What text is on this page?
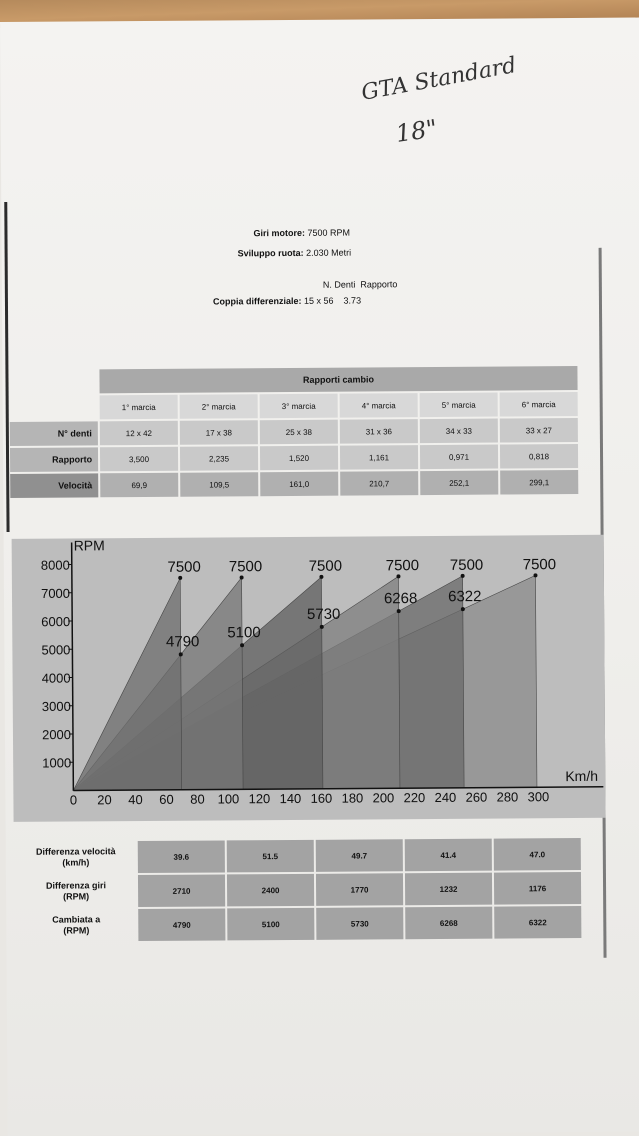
GTA Standard
18"
Giri motore: 7500 RPM
Sviluppo ruota: 2.030 Metri
N. Denti Rapporto
Coppia differenziale: 15 x 56 3.73
	Rapporti cambio					
	1° marcia	2° marcia	3° marcia	4° marcia	5° marcia	6° marcia
N° denti	12 x 42	17 x 38	25 x 38	31 x 36	34 x 33	33 x 27
Rapporto	3,500	2,235	1,520	1,161	0,971	0,818
Velocità	69,9	109,5	161,0	210,7	252,1	299,1
1000
2000
3000
4000
5000
6000
7000
8000
0 20 40 60 80 100 120 140 160 180 200 220 240 260 280 300
RPM
Km/h
7500 7500	7500	7500 7500	7500
4790
5100
5730
6268 6322
Differenza velocità
(km/h)	39.6	51.5	49.7	41.4	47.0
Differenza giri
(RPM)	2710	2400	1770	1232	1176
Cambiata a
(RPM)	4790	5100	5730	6268	6322
